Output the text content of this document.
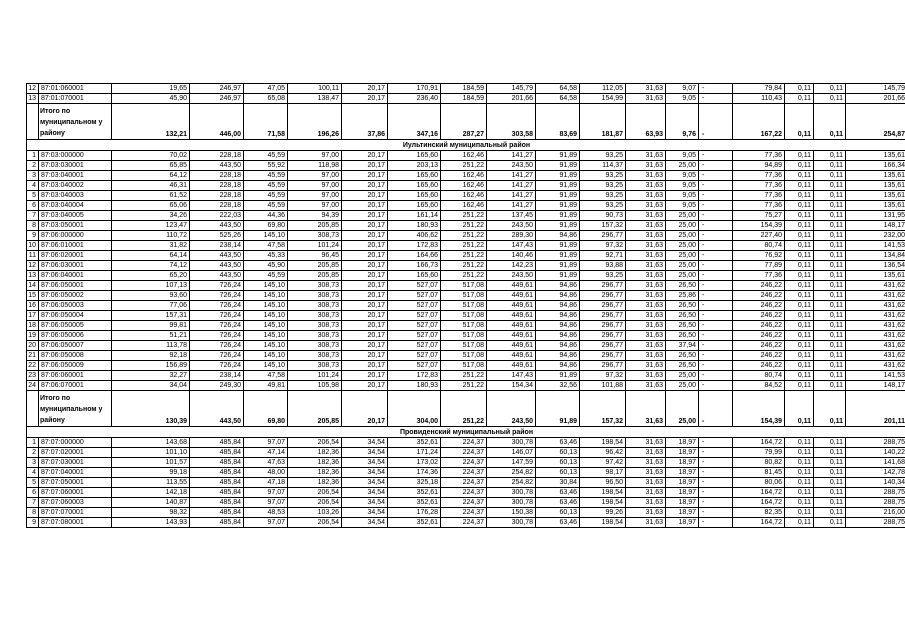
12	87:01:060001	19,65	246,97	47,05	100,11	20,17	170,91	184,59	145,79	64,58	112,05	31,63	9,07	-	79,84	0,11	0,11	145,79
13	87:01:070001	45,90	246,97	65,08	138,47	20,17	236,40	184,59	201,66	64,58	154,99	31,63	9,05	-	110,43	0,11	0,11	201,66
	Итого по муниципальном у району	132,21	446,00	71,58	196,26	37,86	347,16	287,27	303,58	83,69	181,87	63,93	9,76	-	167,22	0,11	0,11	254,87
Иультинский муниципальный район																		
1	87:03:000000	70,02	228,18	45,59	97,00	20,17	165,60	162,46	141,27	91,89	93,25	31,63	9,05	-	77,36	0,11	0,11	135,61
2	87:03:030001	65,85	443,50	55,92	118,98	20,17	203,13	251,22	243,50	91,89	114,37	31,63	25,00	-	94,89	0,11	0,11	166,34
3	87:03:040001	64,12	228,18	45,59	97,00	20,17	165,60	162,46	141,27	91,89	93,25	31,63	9,05	-	77,36	0,11	0,11	135,61
4	87:03:040002	46,31	228,18	45,59	97,00	20,17	165,60	162,46	141,27	91,89	93,25	31,63	9,05	-	77,36	0,11	0,11	135,61
5	87:03:040003	61,52	228,18	45,59	97,00	20,17	165,60	162,46	141,27	91,89	93,25	31,63	9,05	-	77,36	0,11	0,11	135,61
6	87:03:040004	65,06	228,18	45,59	97,00	20,17	165,60	162,46	141,27	91,89	93,25	31,63	9,05	-	77,36	0,11	0,11	135,61
7	87:03:040005	34,26	222,03	44,36	94,39	20,17	161,14	251,22	137,45	91,89	90,73	31,63	25,00	-	75,27	0,11	0,11	131,95
8	87:03:050001	123,47	443,50	69,80	205,85	20,17	180,93	251,22	243,50	91,89	157,32	31,63	25,00	-	154,39	0,11	0,11	148,17
9	87:06:000000	110,72	525,26	145,10	308,73	20,17	406,62	251,22	289,30	94,86	296,77	31,63	25,00	-	227,40	0,11	0,11	232,00
10	87:06:010001	31,82	238,14	47,58	101,24	20,17	172,83	251,22	147,43	91,89	97,32	31,63	25,00	-	80,74	0,11	0,11	141,53
11	87:06:020001	64,14	443,50	45,33	96,45	20,17	164,66	251,22	140,46	91,89	92,71	31,63	25,00	-	76,92	0,11	0,11	134,84
12	87:06:030001	74,12	443,50	45,90	205,85	20,17	166,73	251,22	142,23	91,89	93,88	31,63	25,00	-	77,89	0,11	0,11	136,54
13	87:06:040001	65,20	443,50	45,59	205,85	20,17	165,60	251,22	243,50	91,89	93,25	31,63	25,00	-	77,36	0,11	0,11	135,61
14	87:06:050001	107,13	726,24	145,10	308,73	20,17	527,07	517,08	449,61	94,86	296,77	31,63	26,50	-	246,22	0,11	0,11	431,62
15	87:06:050002	93,60	726,24	145,10	308,73	20,17	527,07	517,08	449,61	94,86	296,77	31,63	25,86	-	246,22	0,11	0,11	431,62
16	87:06:050003	77,06	726,24	145,10	308,73	20,17	527,07	517,08	449,61	94,86	296,77	31,63	26,50	-	246,22	0,11	0,11	431,62
17	87:06:050004	157,31	726,24	145,10	308,73	20,17	527,07	517,08	449,61	94,86	296,77	31,63	26,50	-	246,22	0,11	0,11	431,62
18	87:06:050005	99,81	726,24	145,10	308,73	20,17	527,07	517,08	449,61	94,86	296,77	31,63	26,50	-	246,22	0,11	0,11	431,62
19	87:06:050006	51,21	726,24	145,10	308,73	20,17	527,07	517,08	449,61	94,86	296,77	31,63	26,50	-	246,22	0,11	0,11	431,62
20	87:06:050007	113,78	726,24	145,10	308,73	20,17	527,07	517,08	449,61	94,86	296,77	31,63	37,94	-	246,22	0,11	0,11	431,62
21	87:06:050008	92,18	726,24	145,10	308,73	20,17	527,07	517,08	449,61	94,86	296,77	31,63	26,50	-	246,22	0,11	0,11	431,62
22	87:06:050009	156,89	726,24	145,10	308,73	20,17	527,07	517,08	449,61	94,86	296,77	31,63	26,50	-	246,22	0,11	0,11	431,62
23	87:06:060001	32,27	238,14	47,58	101,24	20,17	172,83	251,22	147,43	91,89	97,32	31,63	25,00	-	80,74	0,11	0,11	141,53
24	87:06:070001	34,04	249,30	49,81	105,98	20,17	180,93	251,22	154,34	32,56	101,88	31,63	25,00	-	84,52	0,11	0,11	148,17
	Итого по муниципальном у району	130,39	443,50	69,80	205,85	20,17	304,00	251,22	243,50	91,89	157,32	31,63	25,00	-	154,39	0,11	0,11	201,11
Провиденский муниципальный район																		
1	87:07:000000	143,68	485,84	97,07	206,54	34,54	352,61	224,37	300,78	63,46	198,54	31,63	18,97	-	164,72	0,11	0,11	288,75
2	87:07:020001	101,10	485,84	47,14	182,36	34,54	171,24	224,37	146,07	60,13	96,42	31,63	18,97	-	79,99	0,11	0,11	140,22
3	87:07:030001	101,57	485,84	47,63	182,36	34,54	173,02	224,37	147,59	60,13	97,42	31,63	18,97	-	80,82	0,11	0,11	141,68
4	87:07:040001	99,18	485,84	48,00	182,36	34,54	174,36	224,37	254,82	60,13	98,17	31,63	18,97	-	81,45	0,11	0,11	142,78
5	87:07:050001	113,55	485,84	47,18	182,36	34,54	325,18	224,37	254,82	30,84	96,50	31,63	18,97	-	80,06	0,11	0,11	140,34
6	87:07:060001	142,18	485,84	97,07	206,54	34,54	352,61	224,37	300,78	63,46	198,54	31,63	18,97	-	164,72	0,11	0,11	288,75
7	87:07:060003	140,87	485,84	97,07	206,54	34,54	352,61	224,37	300,78	63,46	198,54	31,63	18,97	-	164,72	0,11	0,11	288,75
8	87:07:070001	98,32	485,84	48,53	103,26	34,54	176,28	224,37	150,38	60,13	99,26	31,63	18,97	-	82,35	0,11	0,11	216,00
9	87:07:080001	143,93	485,84	97,07	206,54	34,54	352,61	224,37	300,78	63,46	198,54	31,63	18,97	-	164,72	0,11	0,11	288,75
